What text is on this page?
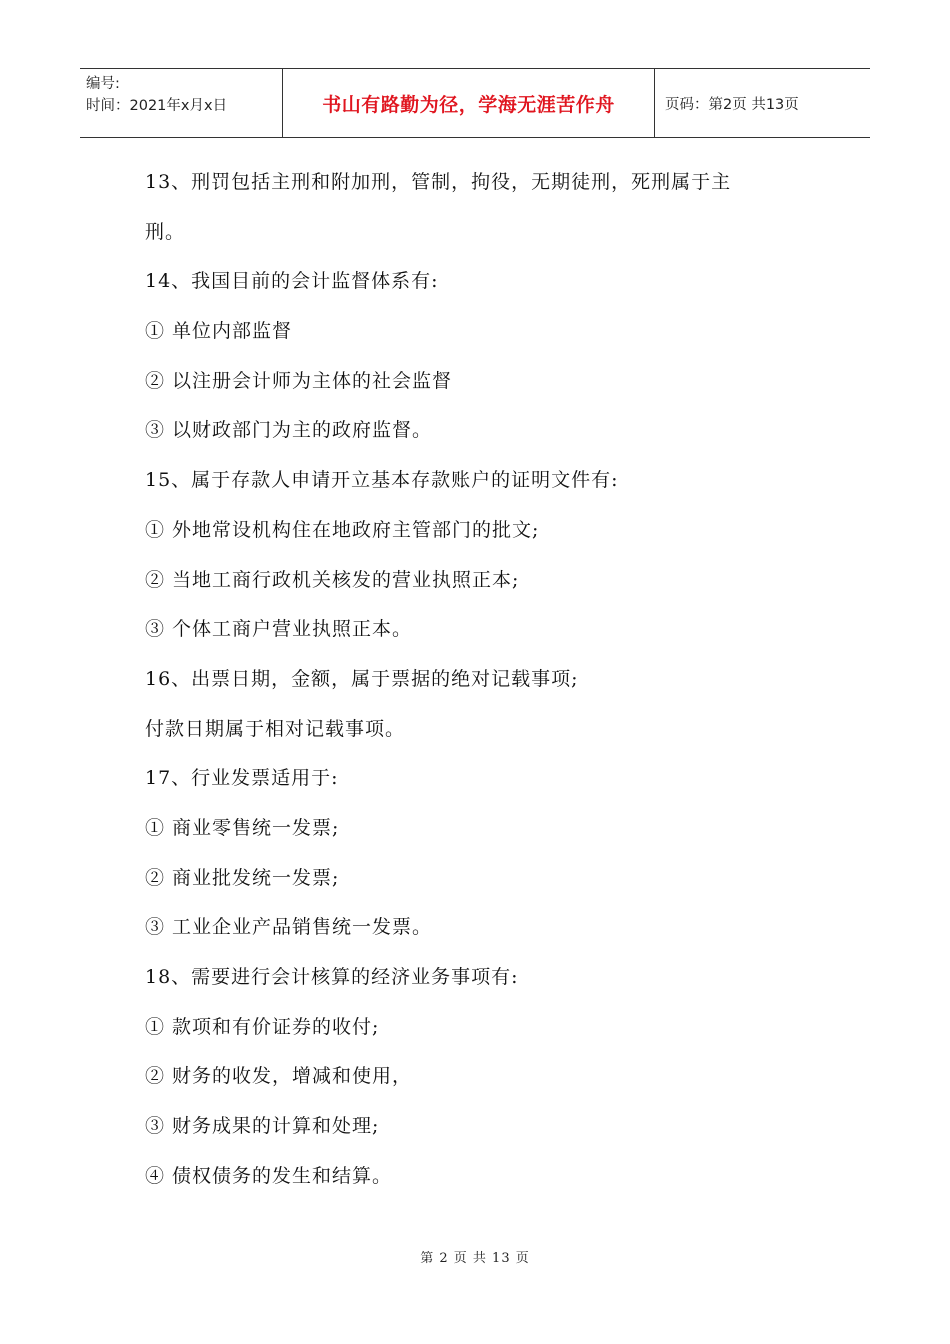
编号:
时间：2021年x月x日	书山有路勤为径，学海无涯苦作舟	页码：第2页 共13页
13、刑罚包括主刑和附加刑，管制，拘役，无期徒刑，死刑属于主
刑。
14、我国目前的会计监督体系有:
① 单位内部监督
② 以注册会计师为主体的社会监督
③ 以财政部门为主的政府监督。
15、属于存款人申请开立基本存款账户的证明文件有:
① 外地常设机构住在地政府主管部门的批文;
② 当地工商行政机关核发的营业执照正本;
③ 个体工商户营业执照正本。
16、出票日期，金额，属于票据的绝对记载事项;
付款日期属于相对记载事项。
17、行业发票适用于:
① 商业零售统一发票;
② 商业批发统一发票;
③ 工业企业产品销售统一发票。
18、需要进行会计核算的经济业务事项有:
① 款项和有价证券的收付;
② 财务的收发，增减和使用，
③ 财务成果的计算和处理;
④ 债权债务的发生和结算。
第 2 页 共 13 页
